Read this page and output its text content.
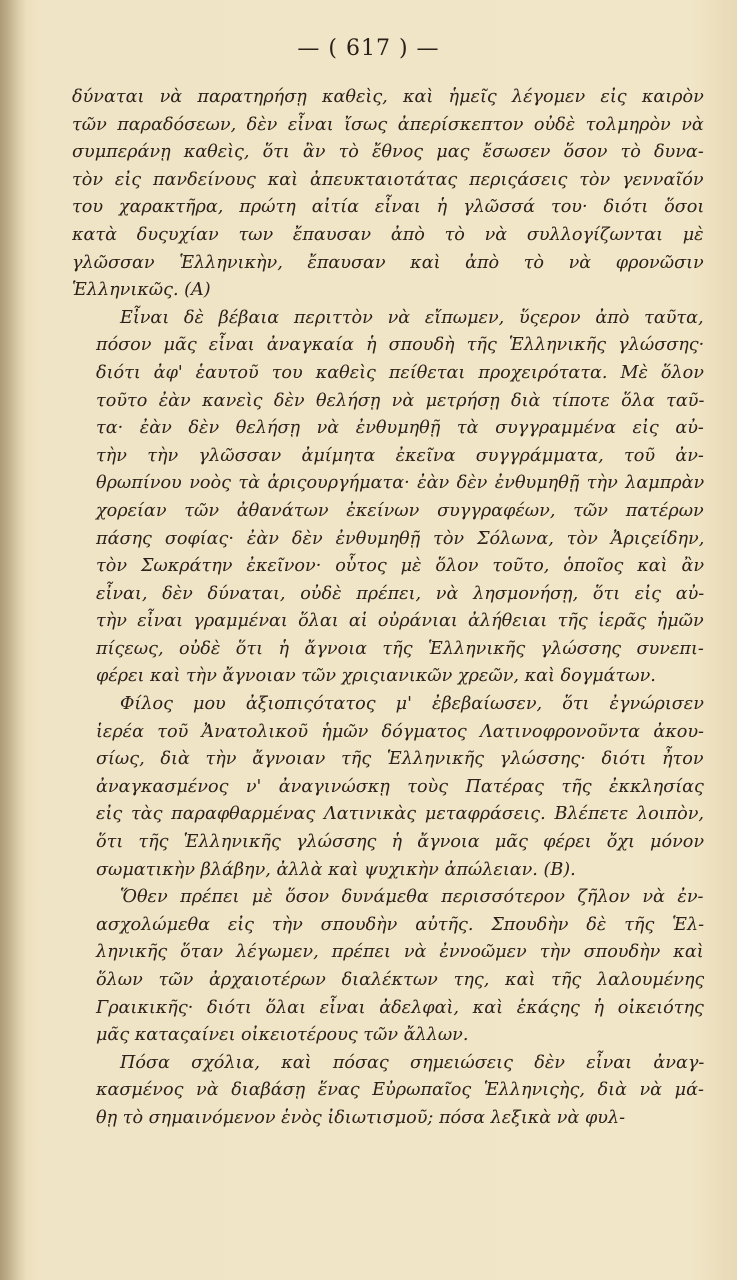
— ( 617 ) —
δύναται νὰ παρατηρήσῃ καθεὶς, καὶ ἡμεῖς λέγομεν εἰς καιρὸν
τῶν παραδόσεων, δὲν εἶναι ἴσως ἀπερίσκεπτον οὐδὲ τολμηρὸν νὰ
συμπεράνῃ καθεὶς, ὅτι ἂν τὸ ἔθνος μας ἔσωσεν ὅσον τὸ δυνα-
τὸν εἰς πανδείνους καὶ ἀπευκταιοτάτας περιςάσεις τὸν γενναῖόν
του χαρακτῆρα, πρώτη αἰτία εἶναι ἡ γλῶσσά του· διότι ὅσοι
κατὰ δυςυχίαν των ἔπαυσαν ἀπὸ τὸ νὰ συλλογίζωνται μὲ
γλῶσσαν Ἑλληνικὴν, ἔπαυσαν καὶ ἀπὸ τὸ νὰ φρονῶσιν
Ἑλληνικῶς. (Α)
Εἶναι δὲ βέβαια περιττὸν νὰ εἴπωμεν, ὕςερον ἀπὸ ταῦτα,
πόσον μᾶς εἶναι ἀναγκαία ἡ σπουδὴ τῆς Ἑλληνικῆς γλώσσης·
διότι ἀφ' ἑαυτοῦ του καθεὶς πείθεται προχειρότατα. Μὲ ὅλον
τοῦτο ἐὰν κανεὶς δὲν θελήσῃ νὰ μετρήσῃ διὰ τίποτε ὅλα ταῦ-
τα· ἐὰν δὲν θελήσῃ νὰ ἐνθυμηθῇ τὰ συγγραμμένα εἰς αὐ-
τὴν τὴν γλῶσσαν ἀμίμητα ἐκεῖνα συγγράμματα, τοῦ ἀν-
θρωπίνου νοὸς τὰ ἀριςουργήματα· ἐὰν δὲν ἐνθυμηθῇ τὴν λαμπρὰν
χορείαν τῶν ἀθανάτων ἐκείνων συγγραφέων, τῶν πατέρων
πάσης σοφίας· ἐὰν δὲν ἐνθυμηθῇ τὸν Σόλωνα, τὸν Ἀριςείδην,
τὸν Σωκράτην ἐκεῖνον· οὗτος μὲ ὅλον τοῦτο, ὁποῖος καὶ ἂν
εἶναι, δὲν δύναται, οὐδὲ πρέπει, νὰ λησμονήσῃ, ὅτι εἰς αὐ-
τὴν εἶναι γραμμέναι ὅλαι αἱ οὐράνιαι ἀλήθειαι τῆς ἱερᾶς ἡμῶν
πίςεως, οὐδὲ ὅτι ἡ ἄγνοια τῆς Ἑλληνικῆς γλώσσης συνεπι-
φέρει καὶ τὴν ἄγνοιαν τῶν χριςιανικῶν χρεῶν, καὶ δογμάτων.
Φίλος μου ἀξιοπιςότατος μ' ἐβεβαίωσεν, ὅτι ἐγνώρισεν
ἱερέα τοῦ Ἀνατολικοῦ ἡμῶν δόγματος Λατινοφρονοῦντα ἀκου-
σίως, διὰ τὴν ἄγνοιαν τῆς Ἑλληνικῆς γλώσσης· διότι ἦτον
ἀναγκασμένος ν' ἀναγινώσκῃ τοὺς Πατέρας τῆς ἐκκλησίας
εἰς τὰς παραφθαρμένας Λατινικὰς μεταφράσεις. Βλέπετε λοιπὸν,
ὅτι τῆς Ἑλληνικῆς γλώσσης ἡ ἄγνοια μᾶς φέρει ὄχι μόνον
σωματικὴν βλάβην, ἀλλὰ καὶ ψυχικὴν ἀπώλειαν. (Β).
Ὅθεν πρέπει μὲ ὅσον δυνάμεθα περισσότερον ζῆλον νὰ ἐν-
ασχολώμεθα εἰς τὴν σπουδὴν αὐτῆς. Σπουδὴν δὲ τῆς Ἑλ-
ληνικῆς ὅταν λέγωμεν, πρέπει νὰ ἐννοῶμεν τὴν σπουδὴν καὶ
ὅλων τῶν ἀρχαιοτέρων διαλέκτων της, καὶ τῆς λαλουμένης
Γραικικῆς· διότι ὅλαι εἶναι ἀδελφαὶ, καὶ ἑκάςης ἡ οἰκειότης
μᾶς καταςαίνει οἰκειοτέρους τῶν ἄλλων.
Πόσα σχόλια, καὶ πόσας σημειώσεις δὲν εἶναι ἀναγ-
κασμένος νὰ διαβάσῃ ἕνας Εὐρωπαῖος Ἑλληνιςὴς, διὰ νὰ μά-
θῃ τὸ σημαινόμενον ἑνὸς ἰδιωτισμοῦ; πόσα λεξικὰ νὰ φυλ-
